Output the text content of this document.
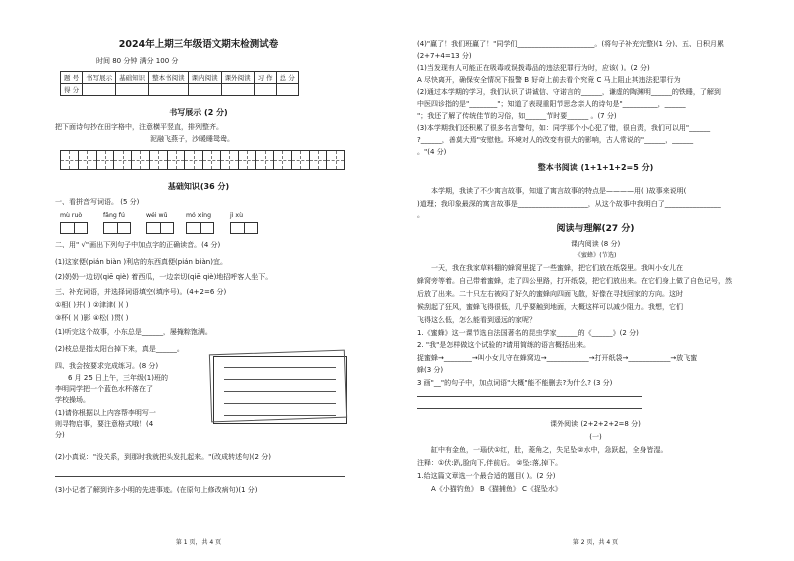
2024年上期三年级语文期末检测试卷
时间 80 分钟 满分 100 分
题 号	书写展示	基础知识	整本书阅读	课内阅读	课外阅读	习 作	总 分
得 分							
书写展示 (2 分)
把下面诗句抄在田字格中，注意横平竖直，排列整齐。
泥融飞燕子，沙暖睡鸳鸯。
基础知识(36 分)
一、看拼音写词语。 (5 分)
mù ruò	fǎng fú	wéi wǔ	mó xíng	jì xù
二、用" √"画出下列句子中加点字的正确读音。(4 分)
(1)这家便(pián biàn )利店的东西真便(pián biàn)宜。
(2)奶奶一边切(qiē qiè) 着西瓜，一边亲切(qiē qiè)地招呼客人坐下。
三、补充词语，并选择词语填空(填序号)。(4+2=6 分)
①相( )并( ) ②津津( )( )
③杯( )( )影 ④松( )贯( )
(1)听完这个故事，小东总是______，屡掩粽饱满。
(2)枝总是指太阳台掉下来，真是______。
四、我会按要求完成练习。(8 分)
6 月 25 日上午，三年级(1)班的
李明同学把一个蓝色水杯落在了
学校操场。
(1)请你根据以上内容帮李明写一
则寻物启事，要注意格式哦！(4
分)
(2)小真说："没关系，到那时我就把头发扎起来。"(改成转述句)(2 分)
(3)小记者了解到许多小明的先进事迹。(在原句上修改病句)(1 分)
第 1 页，共 4 页
(4)"赢了！我们班赢了！"同学们______________________。(将句子补充完整)(1 分)、五、日积月累
(2+7+4=13 分)
(1)当发现有人可能正在吸毒或误拨毒品的违法犯罪行为时，应该( )。(2 分)
A 尽快离开，确保安全情况下报警 B 好奇上前去看个究竟 C 马上阻止其违法犯罪行为
(2)通过本学期的学习，我们认识了讲诚信、守诺言的______，谦虚的陶渊明______的铁睡，了解到
中医四诊指的是"________"；知道了表现重阳节思念亲人的诗句是"__________，______
"；我还了解了传统佳节的习俗，如______节时要______ 。(7 分)
(3)本学期我们还积累了很多名言警句，如：同学那个小心犯了错，很自责，我们可以用"______
?______，善莫大焉"安慰他。环境对人的改变有很大的影响，古人常说的"______，______
。"(4 分)
整本书阅读 (1+1+1+2=5 分)
本学期，我读了不少寓言故事，知道了寓言故事的特点是————用( )故事来说明(
)道理；我印象最深的寓言故事是____________________，从这个故事中我明白了________________
。
阅读与理解(27 分)
课内阅读 (8 分)
《蜜蜂》(节选)
一天，我在我家草料棚的蜂窝里捉了一些蜜蜂，把它们放在纸袋里。我叫小女儿在
蜂窝旁等着。自己带着蜜蜂，走了四公里路，打开纸袋，把它们放出来。在它们身上做了自色记号，然
后放了出来。二十只左右被闷了好久的蜜蜂向四面飞散，好像在寻找回家的方向。这时
候刮起了狂风，蜜蜂飞得很低，几乎要触到地面，大概这样可以减少阻力。我想，它们
飞得这么低，怎么能看到遥远的家呢？
1.《蜜蜂》这一课节选自法国著名的昆虫学家______的《______》(2 分)
2. "我"是怎样做这个试验的?请用简练的语言概括出来。
捉蜜蜂→________→叫小女儿守在蜂窝边→____________→打开纸袋→____________→放飞蜜
蜂(3 分)
3 画"__"的句子中，加点词语"大概"能不能删去?为什么? (3 分)
课外阅读 (2+2+2+2=8 分)
(一)
缸中有金鱼，一瑙伏①红，肚，菱角之，失足坠②水中，急跃起，全身皆湿。
注释：①伏:趴,脸向下,伴前后。 ②坠:落,掉下。
1.给这篇文章选一个最合适的题目( )。(2 分)
A《小猫钓鱼》 B《猫捕鱼》 C《捉坠水》
第 2 页，共 4 页
